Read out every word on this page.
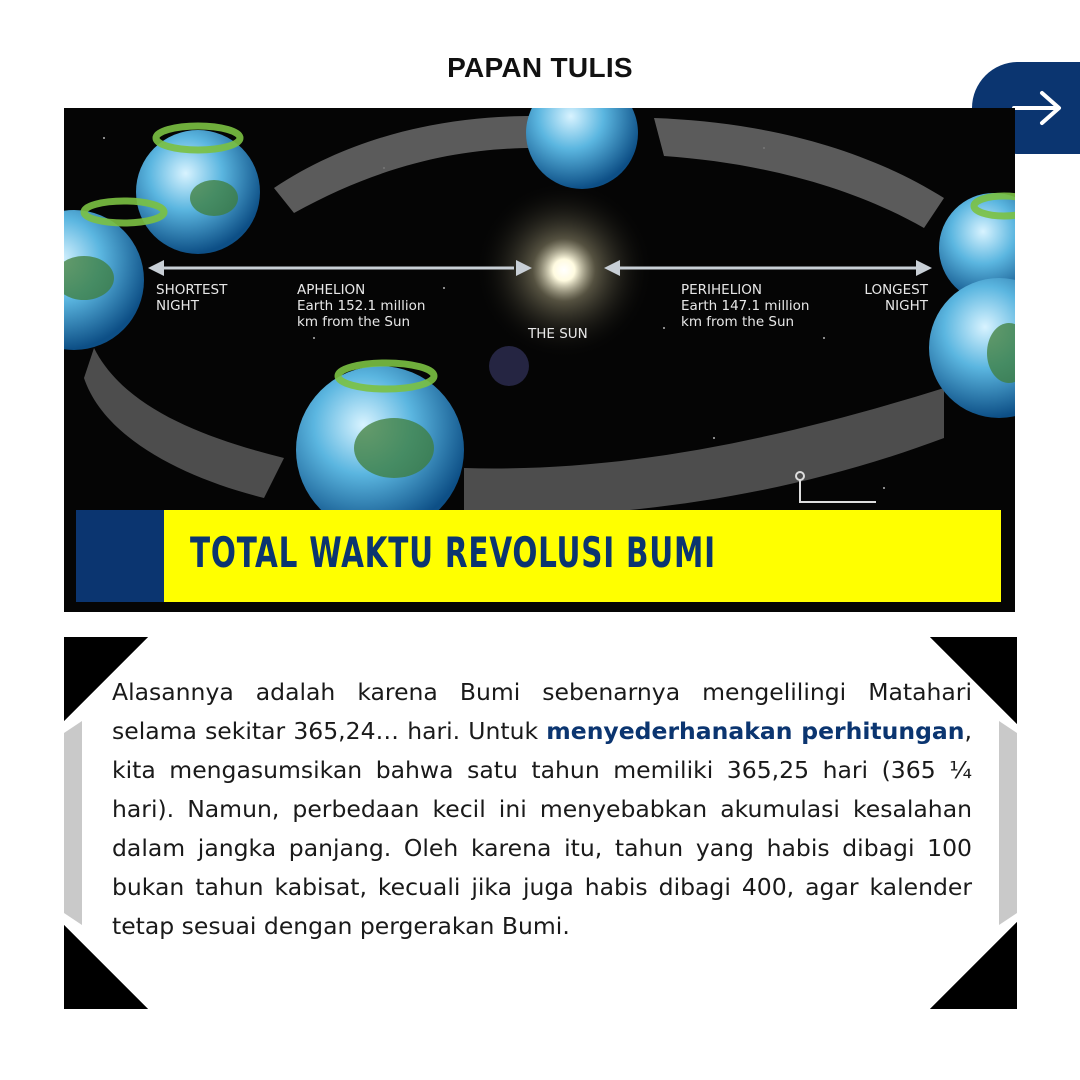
PAPAN TULIS
SHORTEST
NIGHT
APHELION
Earth 152.1 million
km from the Sun
THE SUN
PERIHELION
Earth 147.1 million
km from the Sun
LONGEST
NIGHT
TOTAL WAKTU REVOLUSI BUMI
Alasannya adalah karena Bumi sebenarnya mengelilingi Matahari selama sekitar 365,24… hari. Untuk menyederhanakan perhitungan, kita mengasumsikan bahwa satu tahun memiliki 365,25 hari (365 ¼ hari). Namun, perbedaan kecil ini menyebabkan akumulasi kesalahan dalam jangka panjang. Oleh karena itu, tahun yang habis dibagi 100 bukan tahun kabisat, kecuali jika juga habis dibagi 400, agar kalender tetap sesuai dengan pergerakan Bumi.
